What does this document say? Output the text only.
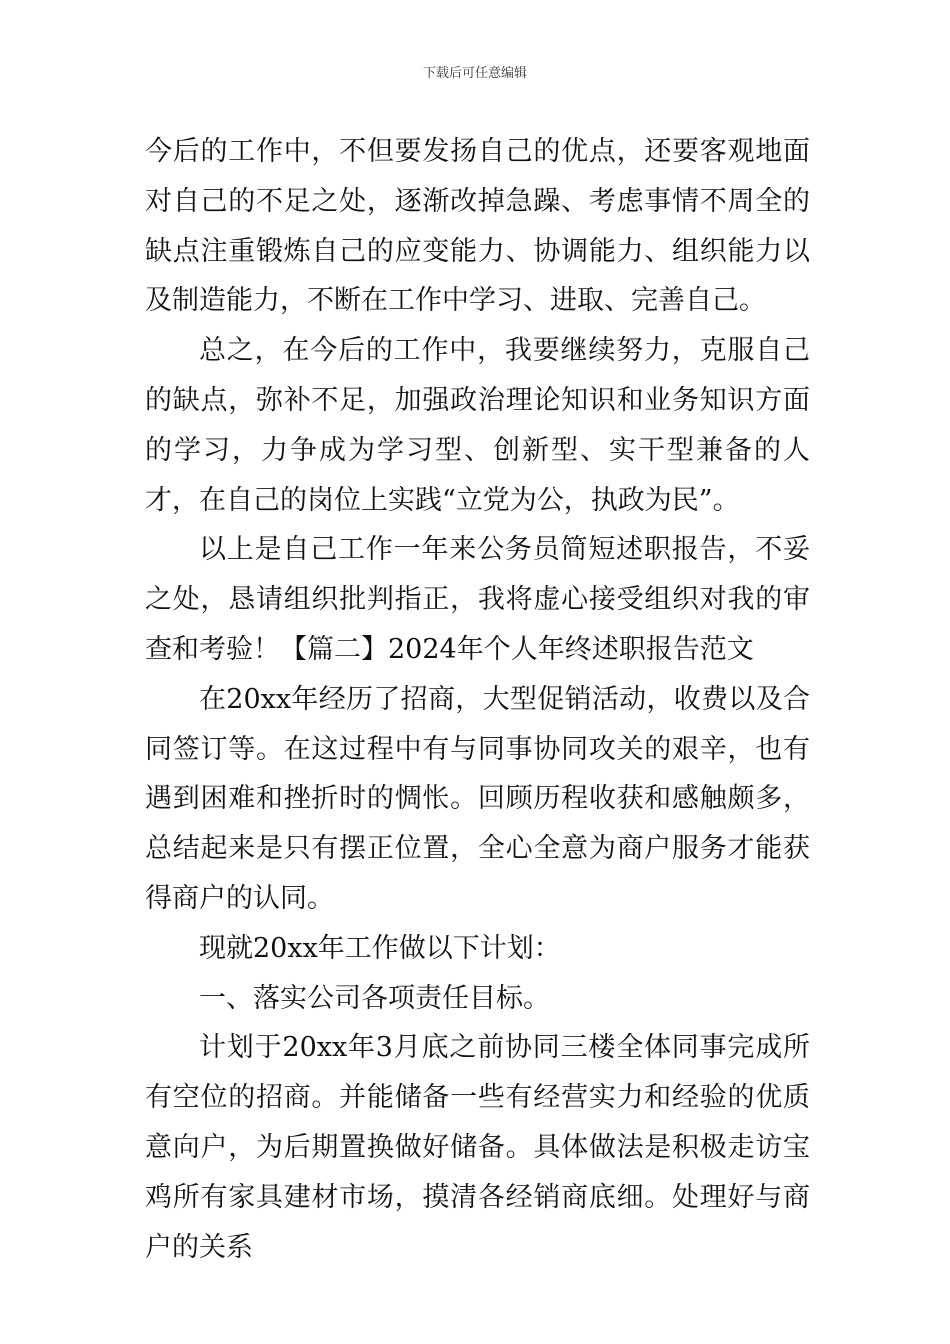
下载后可任意编辑

今后的工作中，不但要发扬自己的优点，还要客观地面对自己的不足之处，逐渐改掉急躁、考虑事情不周全的缺点注重锻炼自己的应变能力、协调能力、组织能力以及制造能力，不断在工作中学习、进取、完善自己。

总之，在今后的工作中，我要继续努力，克服自己的缺点，弥补不足，加强政治理论知识和业务知识方面的学习，力争成为学习型、创新型、实干型兼备的人才，在自己的岗位上实践“立党为公，执政为民”。

以上是自己工作一年来公务员简短述职报告，不妥之处，恳请组织批判指正，我将虚心接受组织对我的审查和考验！【篇二】2024年个人年终述职报告范文

在20xx年经历了招商，大型促销活动，收费以及合同签订等。在这过程中有与同事协同攻关的艰辛，也有遇到困难和挫折时的惆怅。回顾历程收获和感触颇多，总结起来是只有摆正位置，全心全意为商户服务才能获得商户的认同。

现就20xx年工作做以下计划：

一、落实公司各项责任目标。

计划于20xx年3月底之前协同三楼全体同事完成所有空位的招商。并能储备一些有经营实力和经验的优质意向户，为后期置换做好储备。具体做法是积极走访宝鸡所有家具建材市场，摸清各经销商底细。处理好与商户的关系
